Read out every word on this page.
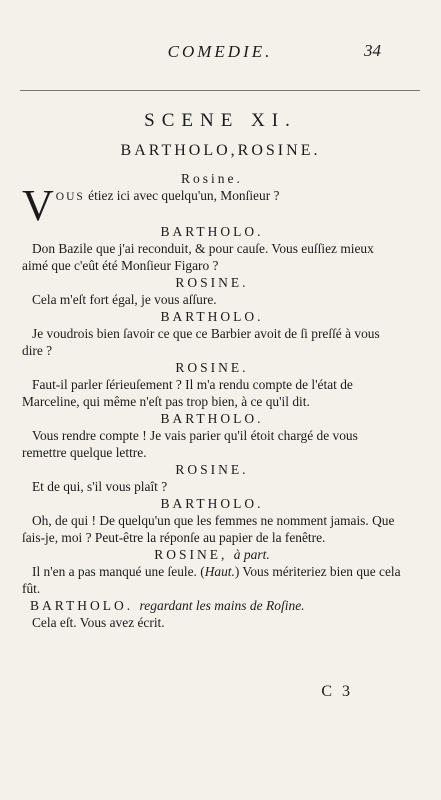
COMEDIE.	34
SCENE XI.
BARTHOLO,ROSINE.
Rosine.
VOUS étiez ici avec quelqu'un, Monſieur ?
BARTHOLO.
Don Bazile que j'ai reconduit, & pour cauſe. Vous euſſiez mieux aimé que c'eût été Monſieur Figaro ?
ROSINE.
Cela m'eſt fort égal, je vous aſſure.
BARTHOLO.
Je voudrois bien ſavoir ce que ce Barbier avoit de ſi preſſé à vous dire ?
ROSINE.
Faut-il parler ſérieuſement ? Il m'a rendu compte de l'état de Marceline, qui même n'eſt pas trop bien, à ce qu'il dit.
BARTHOLO.
Vous rendre compte ! Je vais parier qu'il étoit chargé de vous remettre quelque lettre.
ROSINE.
Et de qui, s'il vous plaît ?
BARTHOLO.
Oh, de qui ! De quelqu'un que les femmes ne nomment jamais. Que ſais-je, moi ? Peut-être la réponſe au papier de la fenêtre.
ROSINE, à part.
Il n'en a pas manqué une ſeule. (Haut.) Vous mériteriez bien que cela fût.
BARTHOLO. regardant les mains de Roſine.
Cela eſt. Vous avez écrit.
C 3
